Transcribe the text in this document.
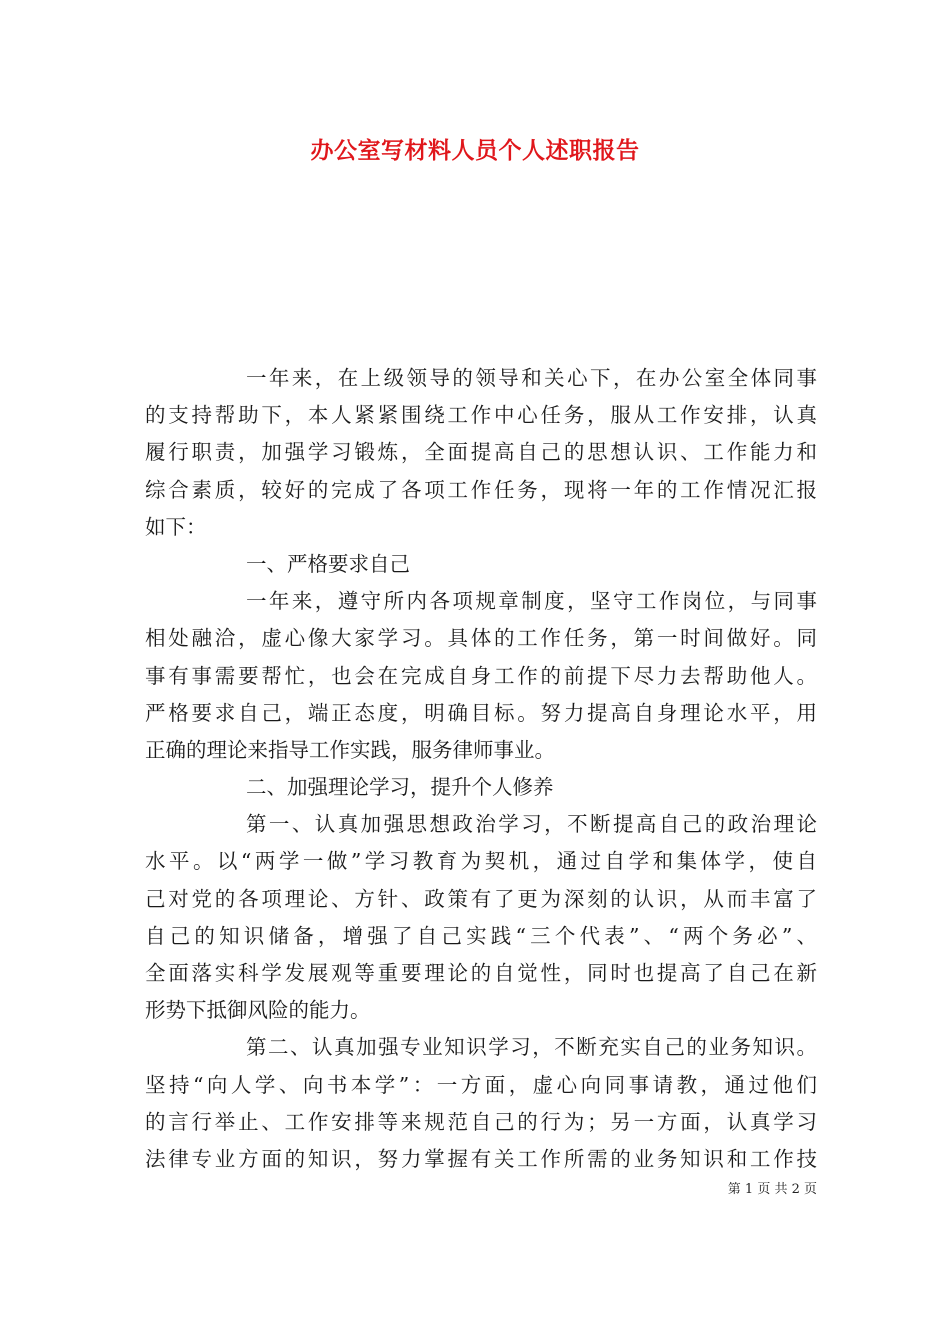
办公室写材料人员个人述职报告
一年来，在上级领导的领导和关心下，在办公室全体同事
的支持帮助下，本人紧紧围绕工作中心任务，服从工作安排，认真
履行职责，加强学习锻炼，全面提高自己的思想认识、工作能力和
综合素质，较好的完成了各项工作任务，现将一年的工作情况汇报
如下：
一、严格要求自己
一年来，遵守所内各项规章制度，坚守工作岗位，与同事
相处融洽，虚心像大家学习。具体的工作任务，第一时间做好。同
事有事需要帮忙，也会在完成自身工作的前提下尽力去帮助他人。
严格要求自己，端正态度，明确目标。努力提高自身理论水平，用
正确的理论来指导工作实践，服务律师事业。
二、加强理论学习，提升个人修养
第一、认真加强思想政治学习，不断提高自己的政治理论
水平。以“两学一做”学习教育为契机，通过自学和集体学，使自
己对党的各项理论、方针、政策有了更为深刻的认识，从而丰富了
自己的知识储备，增强了自己实践“三个代表”、“两个务必”、
全面落实科学发展观等重要理论的自觉性，同时也提高了自己在新
形势下抵御风险的能力。
第二、认真加强专业知识学习，不断充实自己的业务知识。
坚持“向人学、向书本学”：一方面，虚心向同事请教，通过他们
的言行举止、工作安排等来规范自己的行为；另一方面，认真学习
法律专业方面的知识，努力掌握有关工作所需的业务知识和工作技
第 1 页 共 2 页
